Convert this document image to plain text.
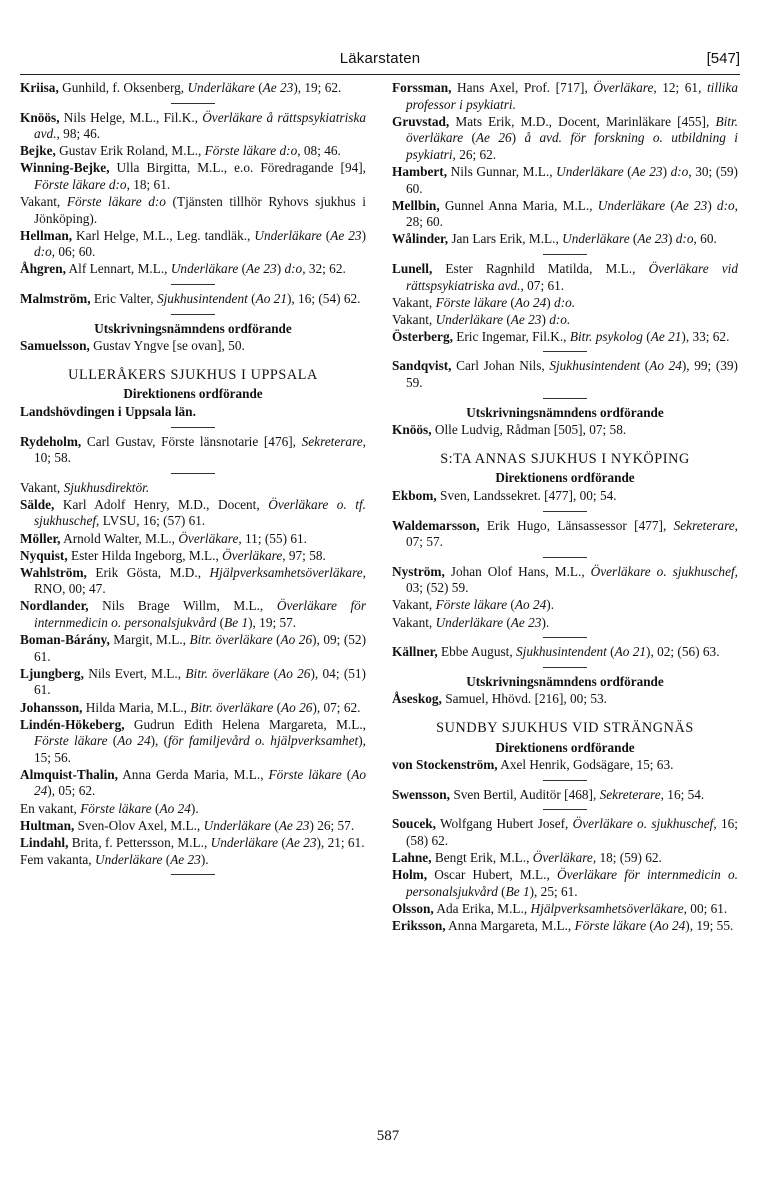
Läkarstaten	[547]

Kriisa, Gunhild, f. Oksenberg, Underläkare (Ae 23), 19; 62.

Knöös, Nils Helge, M.L., Fil.K., Överläkare å rättspsykiatriska avd., 98; 46.

Bejke, Gustav Erik Roland, M.L., Förste läkare d:o, 08; 46.

Winning-Bejke, Ulla Birgitta, M.L., e.o. Föredragande [94], Förste läkare d:o, 18; 61.

Vakant, Förste läkare d:o (Tjänsten tillhör Ryhovs sjukhus i Jönköping).

Hellman, Karl Helge, M.L., Leg. tandläk., Underläkare (Ae 23) d:o, 06; 60.

Åhgren, Alf Lennart, M.L., Underläkare (Ae 23) d:o, 32; 62.

Malmström, Eric Valter, Sjukhusintendent (Ao 21), 16; (54) 62.

Utskrivningsnämndens ordförande

Samuelsson, Gustav Yngve [se ovan], 50.

ULLERÅKERS SJUKHUS I UPPSALA
Direktionens ordförande

Landshövdingen i Uppsala län.

Rydeholm, Carl Gustav, Förste länsnotarie [476], Sekreterare, 10; 58.

Vakant, Sjukhusdirektör.

Sälde, Karl Adolf Henry, M.D., Docent, Överläkare o. tf. sjukhuschef, LVSU, 16; (57) 61.

Möller, Arnold Walter, M.L., Överläkare, 11; (55) 61.

Nyquist, Ester Hilda Ingeborg, M.L., Överläkare, 97; 58.

Wahlström, Erik Gösta, M.D., Hjälpverksamhetsöverläkare, RNO, 00; 47.

Nordlander, Nils Brage Willm, M.L., Överläkare för internmedicin o. personalsjukvård (Be 1), 19; 57.

Boman-Bárány, Margit, M.L., Bitr. överläkare (Ao 26), 09; (52) 61.

Ljungberg, Nils Evert, M.L., Bitr. överläkare (Ao 26), 04; (51) 61.

Johansson, Hilda Maria, M.L., Bitr. överläkare (Ao 26), 07; 62.

Lindén-Hökeberg, Gudrun Edith Helena Margareta, M.L., Förste läkare (Ao 24), (för familjevård o. hjälpverksamhet), 15; 56.

Almquist-Thalin, Anna Gerda Maria, M.L., Förste läkare (Ao 24), 05; 62.

En vakant, Förste läkare (Ao 24).

Hultman, Sven-Olov Axel, M.L., Underläkare (Ae 23) 26; 57.

Lindahl, Brita, f. Pettersson, M.L., Underläkare (Ae 23), 21; 61.

Fem vakanta, Underläkare (Ae 23).

Forssman, Hans Axel, Prof. [717], Överläkare, 12; 61, tillika professor i psykiatri.

Gruvstad, Mats Erik, M.D., Docent, Marinläkare [455], Bitr. överläkare (Ae 26) å avd. för forskning o. utbildning i psykiatri, 26; 62.

Hambert, Nils Gunnar, M.L., Underläkare (Ae 23) d:o, 30; (59) 60.

Mellbin, Gunnel Anna Maria, M.L., Underläkare (Ae 23) d:o, 28; 60.

Wålinder, Jan Lars Erik, M.L., Underläkare (Ae 23) d:o, 60.

Lunell, Ester Ragnhild Matilda, M.L., Överläkare vid rättspsykiatriska avd., 07; 61.

Vakant, Förste läkare (Ao 24) d:o.

Vakant, Underläkare (Ae 23) d:o.

Österberg, Eric Ingemar, Fil.K., Bitr. psykolog (Ae 21), 33; 62.

Sandqvist, Carl Johan Nils, Sjukhusintendent (Ao 24), 99; (39) 59.

Utskrivningsnämndens ordförande

Knöös, Olle Ludvig, Rådman [505], 07; 58.

S:TA ANNAS SJUKHUS I NYKÖPING
Direktionens ordförande

Ekbom, Sven, Landssekret. [477], 00; 54.

Waldemarsson, Erik Hugo, Länsassessor [477], Sekreterare, 07; 57.

Nyström, Johan Olof Hans, M.L., Överläkare o. sjukhuschef, 03; (52) 59.

Vakant, Förste läkare (Ao 24).

Vakant, Underläkare (Ae 23).

Källner, Ebbe August, Sjukhusintendent (Ao 21), 02; (56) 63.

Utskrivningsnämndens ordförande

Åseskog, Samuel, Hhövd. [216], 00; 53.

SUNDBY SJUKHUS VID STRÄNGNÄS
Direktionens ordförande

von Stockenström, Axel Henrik, Godsägare, 15; 63.

Swensson, Sven Bertil, Auditör [468], Sekreterare, 16; 54.

Soucek, Wolfgang Hubert Josef, Överläkare o. sjukhuschef, 16; (58) 62.

Lahne, Bengt Erik, M.L., Överläkare, 18; (59) 62.

Holm, Oscar Hubert, M.L., Överläkare för internmedicin o. personalsjukvård (Be 1), 25; 61.

Olsson, Ada Erika, M.L., Hjälpverksamhetsöverläkare, 00; 61.

Eriksson, Anna Margareta, M.L., Förste läkare (Ao 24), 19; 55.

587
